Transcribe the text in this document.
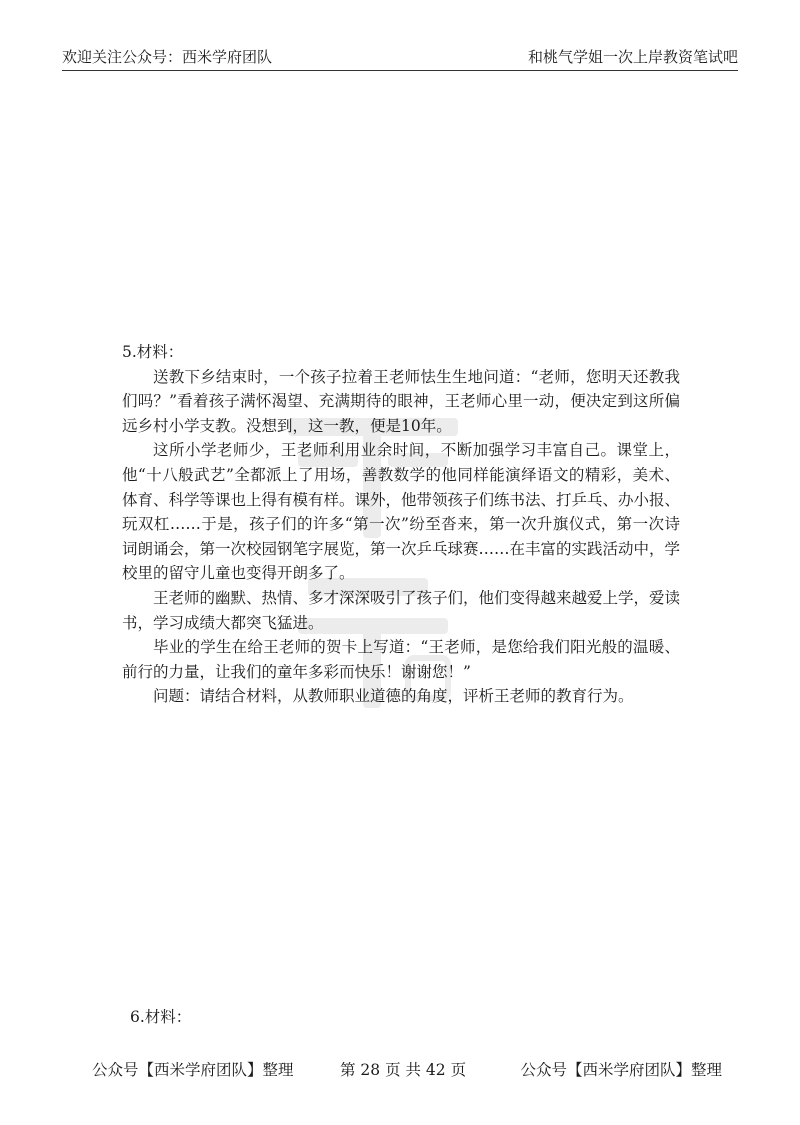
欢迎关注公众号：西米学府团队	和桃气学姐一次上岸教资笔试吧
5.材料：

送教下乡结束时，一个孩子拉着王老师怯生生地问道：“老师，您明天还教我们吗？”看着孩子满怀渴望、充满期待的眼神，王老师心里一动，便决定到这所偏远乡村小学支教。没想到，这一教，便是10年。

这所小学老师少，王老师利用业余时间，不断加强学习丰富自己。课堂上，他“十八般武艺”全都派上了用场，善教数学的他同样能演绎语文的精彩，美术、体育、科学等课也上得有模有样。课外，他带领孩子们练书法、打乒乓、办小报、玩双杠……于是，孩子们的许多“第一次”纷至沓来，第一次升旗仪式，第一次诗词朗诵会，第一次校园钢笔字展览，第一次乒乓球赛……在丰富的实践活动中，学校里的留守儿童也变得开朗多了。

王老师的幽默、热情、多才深深吸引了孩子们，他们变得越来越爱上学，爱读书，学习成绩大都突飞猛进。

毕业的学生在给王老师的贺卡上写道：“王老师，是您给我们阳光般的温暖、前行的力量，让我们的童年多彩而快乐！谢谢您！”

问题：请结合材料，从教师职业道德的角度，评析王老师的教育行为。

6.材料：
公众号【西米学府团队】整理	第 28 页 共 42 页	公众号【西米学府团队】整理
